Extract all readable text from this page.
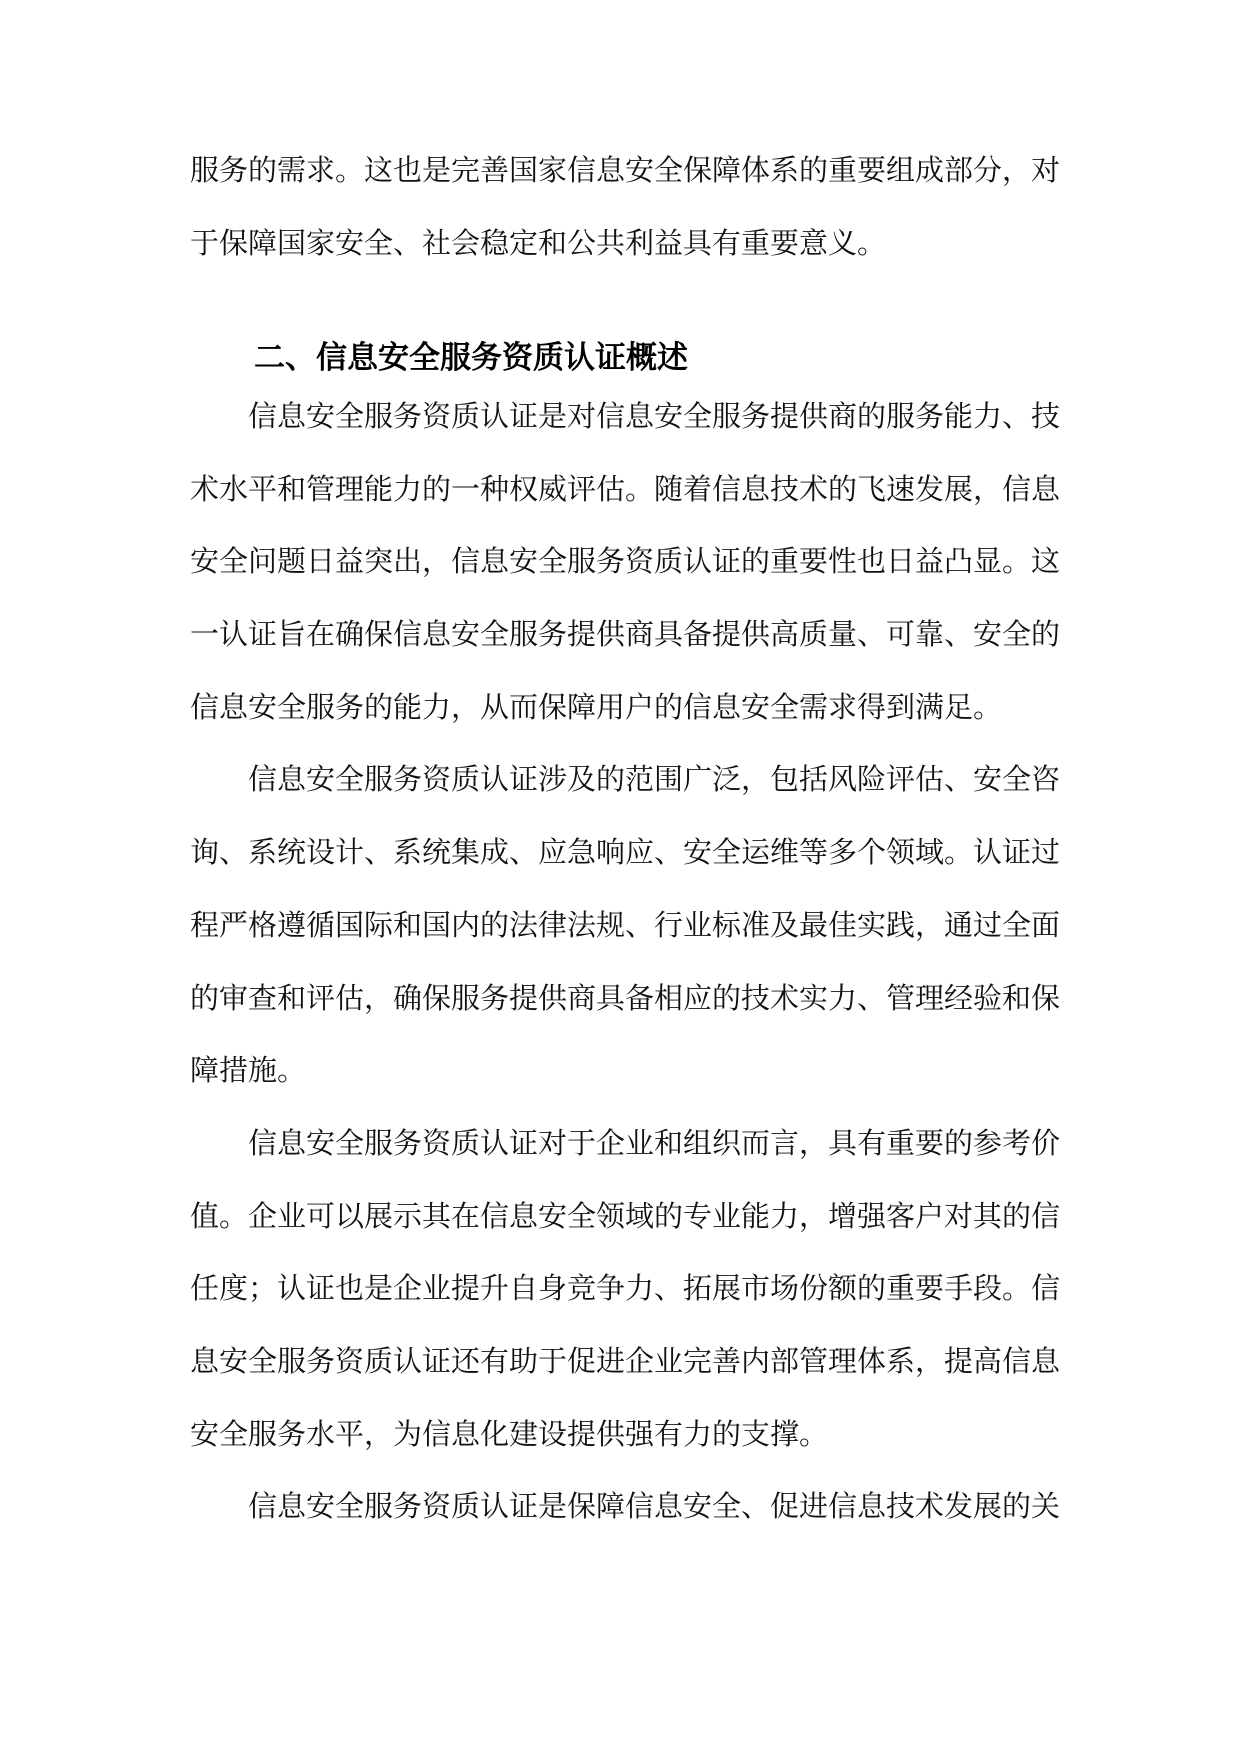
服务的需求。这也是完善国家信息安全保障体系的重要组成部分，对
于保障国家安全、社会稳定和公共利益具有重要意义。
二、信息安全服务资质认证概述
信息安全服务资质认证是对信息安全服务提供商的服务能力、技
术水平和管理能力的一种权威评估。随着信息技术的飞速发展，信息
安全问题日益突出，信息安全服务资质认证的重要性也日益凸显。这
一认证旨在确保信息安全服务提供商具备提供高质量、可靠、安全的
信息安全服务的能力，从而保障用户的信息安全需求得到满足。
信息安全服务资质认证涉及的范围广泛，包括风险评估、安全咨
询、系统设计、系统集成、应急响应、安全运维等多个领域。认证过
程严格遵循国际和国内的法律法规、行业标准及最佳实践，通过全面
的审查和评估，确保服务提供商具备相应的技术实力、管理经验和保
障措施。
信息安全服务资质认证对于企业和组织而言，具有重要的参考价
值。企业可以展示其在信息安全领域的专业能力，增强客户对其的信
任度；认证也是企业提升自身竞争力、拓展市场份额的重要手段。信
息安全服务资质认证还有助于促进企业完善内部管理体系，提高信息
安全服务水平，为信息化建设提供强有力的支撑。
信息安全服务资质认证是保障信息安全、促进信息技术发展的关
